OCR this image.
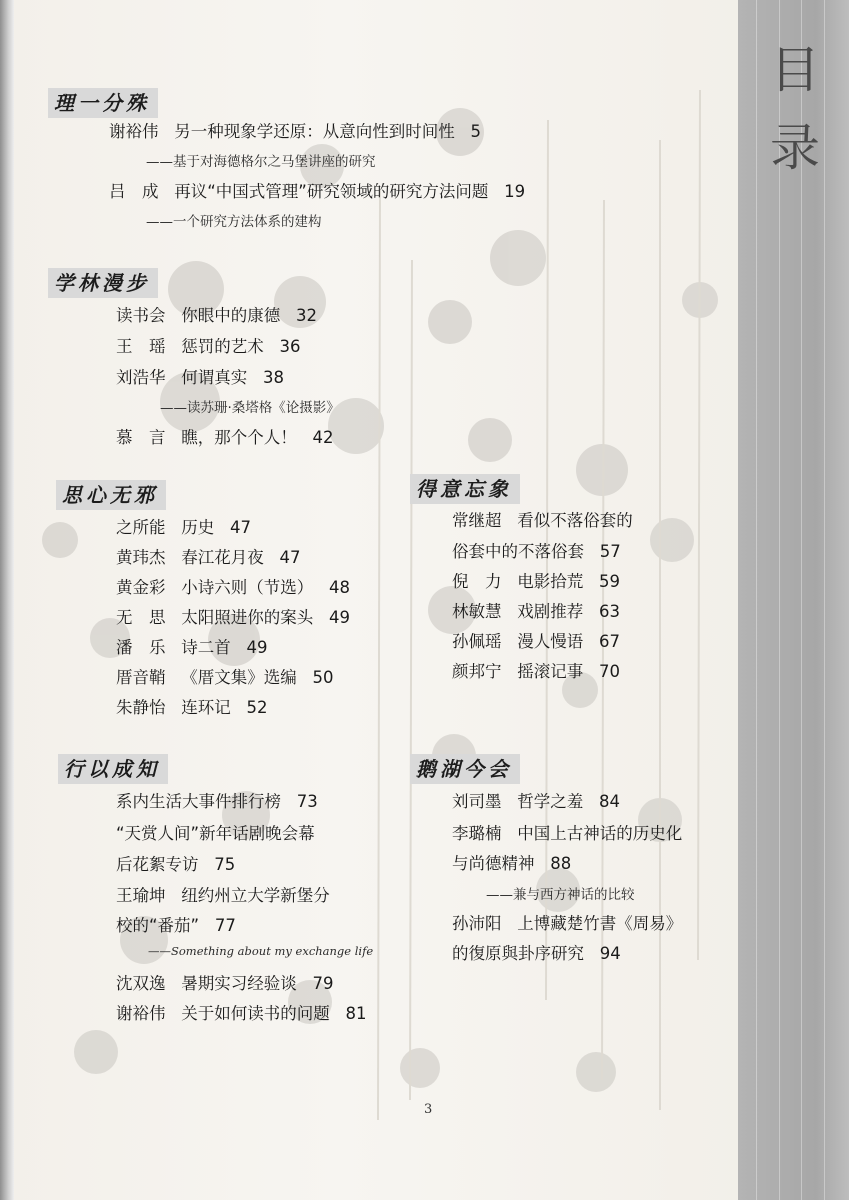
目
录
理一分殊
谢裕伟 另一种现象学还原：从意向性到时间性 5
——基于对海德格尔之马堡讲座的研究
吕　成 再议“中国式管理”研究领域的研究方法问题 19
——一个研究方法体系的建构
学林漫步
读书会 你眼中的康德 32
王　瑶 惩罚的艺术 36
刘浩华 何谓真实 38
——读苏珊·桑塔格《论摄影》
慕　言 瞧，那个个人！ 42
思心无邪
之所能 历史 47
黄玮杰 春江花月夜 47
黄金彩 小诗六则（节选） 48
无　思 太阳照进你的案头 49
潘　乐 诗二首 49
厝音鞘 《厝文集》选编 50
朱静怡 连环记 52
得意忘象
常继超 看似不落俗套的
俗套中的不落俗套 57
倪　力 电影拾荒 59
林敏慧 戏剧推荐 63
孙佩瑶 漫人慢语 67
颜邦宁 摇滚记事 70
行以成知
系内生活大事件排行榜 73
“天赏人间”新年话剧晚会幕
后花絮专访 75
王瑜坤 纽约州立大学新堡分
校的“番茄” 77
——Something about my exchange life
沈双逸 暑期实习经验谈 79
谢裕伟 关于如何读书的问题 81
鹅湖今会
刘司墨 哲学之羞 84
李璐楠 中国上古神话的历史化
与尚德精神 88
——兼与西方神话的比较
孙沛阳 上博藏楚竹書《周易》
的復原與卦序研究 94
3
